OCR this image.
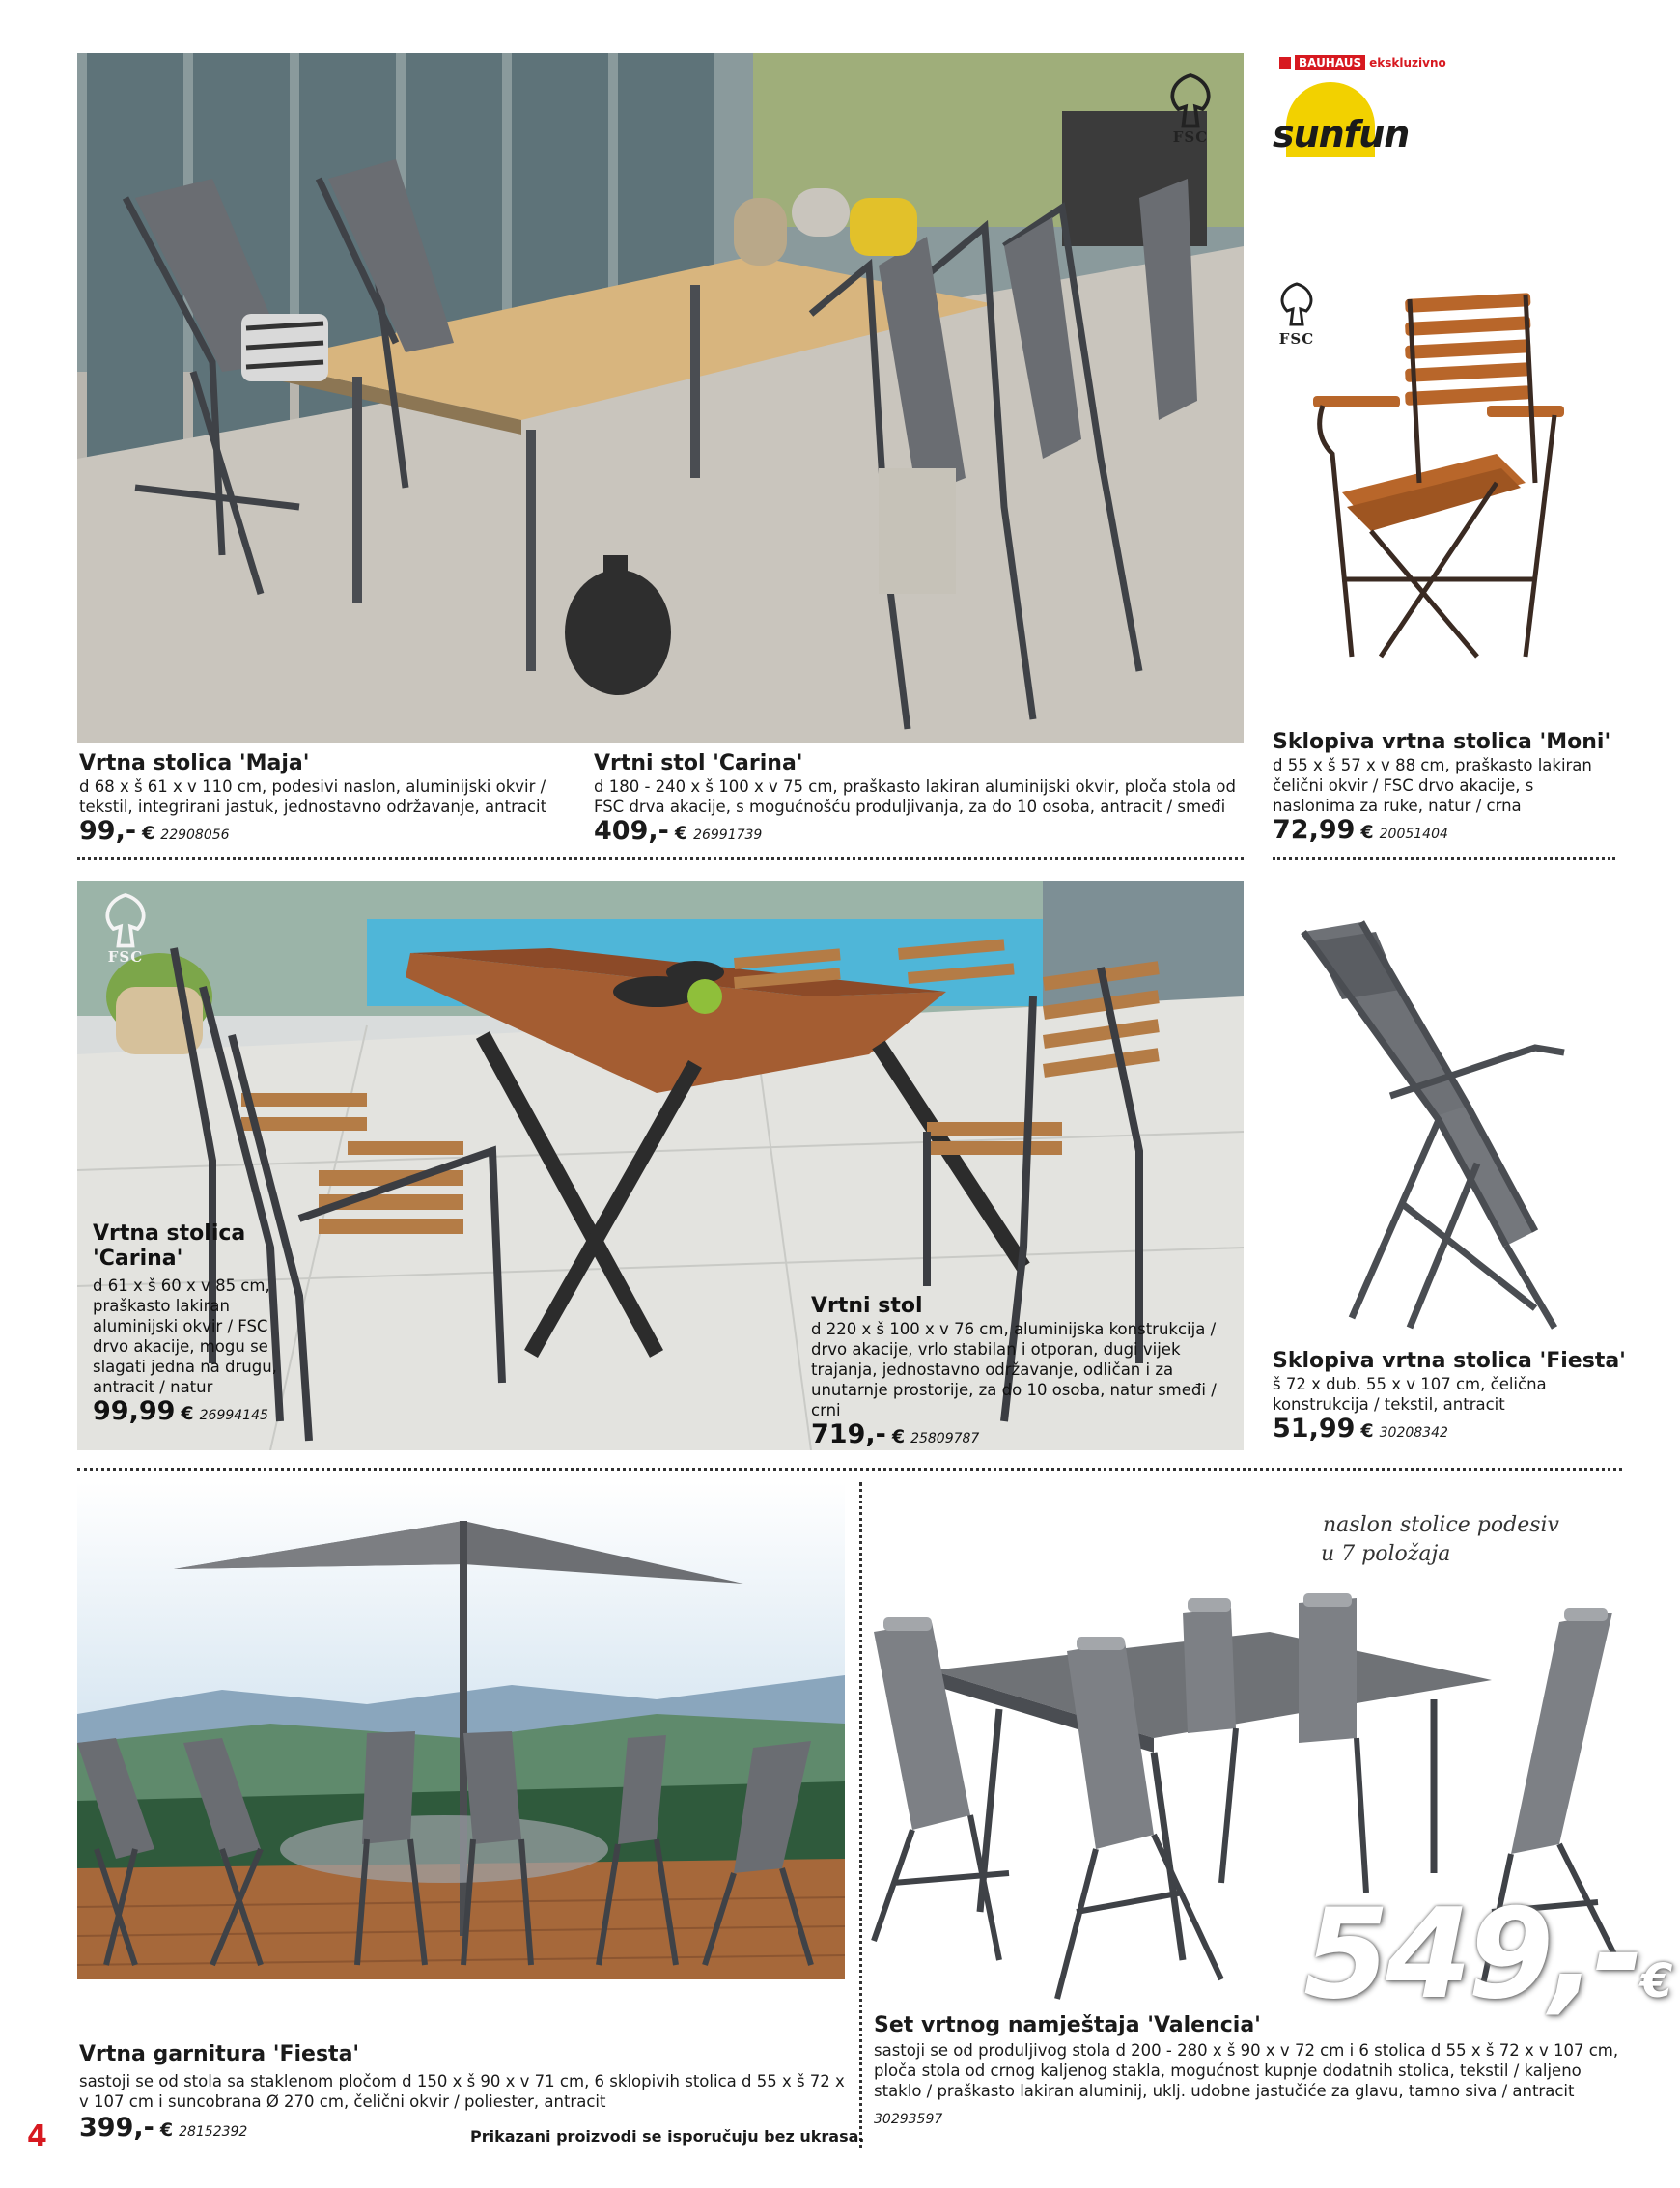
FSC
BAUHAUS ekskluzivno
sunfun
FSC
Vrtna stolica 'Maja'
d 68 x š 61 x v 110 cm, podesivi naslon, aluminijski okvir / tekstil, integrirani jastuk, jednostavno održavanje, antracit
99,- € 22908056
Vrtni stol 'Carina'
d 180 - 240 x š 100 x v 75 cm, praškasto lakiran aluminijski okvir, ploča stola od FSC drva akacije, s mogućnošću produljivanja, za do 10 osoba, antracit / smeđi
409,- € 26991739
Sklopiva vrtna stolica 'Moni'
d 55 x š 57 x v 88 cm, praškasto lakiran čelični okvir / FSC drvo akacije, s naslonima za ruke, natur / crna
72,99 € 20051404
FSC
Vrtna stolica
'Carina'
d 61 x š 60 x v 85 cm, praškasto lakiran aluminijski okvir / FSC drvo akacije, mogu se slagati jedna na drugu, antracit / natur
99,99 € 26994145
Vrtni stol
d 220 x š 100 x v 76 cm, aluminijska konstrukcija / drvo akacije, vrlo stabilan i otporan, dugi vijek trajanja, jednostavno održavanje, odličan i za unutarnje prostorije, za do 10 osoba, natur smeđi / crni
719,- € 25809787
Sklopiva vrtna stolica 'Fiesta'
š 72 x dub. 55 x v 107 cm, čelična konstrukcija / tekstil, antracit
51,99 € 30208342
naslon stolice podesiv
u 7 položaja
549,-€
Vrtna garnitura 'Fiesta'
sastoji se od stola sa staklenom pločom d 150 x š 90 x v 71 cm, 6 sklopivih stolica d 55 x š 72 x v 107 cm i suncobrana Ø 270 cm, čelični okvir / poliester, antracit
399,- € 28152392	Prikazani proizvodi se isporučuju bez ukrasa.
Set vrtnog namještaja 'Valencia'
sastoji se od produljivog stola d 200 - 280 x š 90 x v 72 cm i 6 stolica d 55 x š 72 x v 107 cm, ploča stola od crnog kaljenog stakla, mogućnost kupnje dodatnih stolica, tekstil / kaljeno staklo / praškasto lakiran aluminij, uklj. udobne jastučiće za glavu, tamno siva / antracit
30293597
4
